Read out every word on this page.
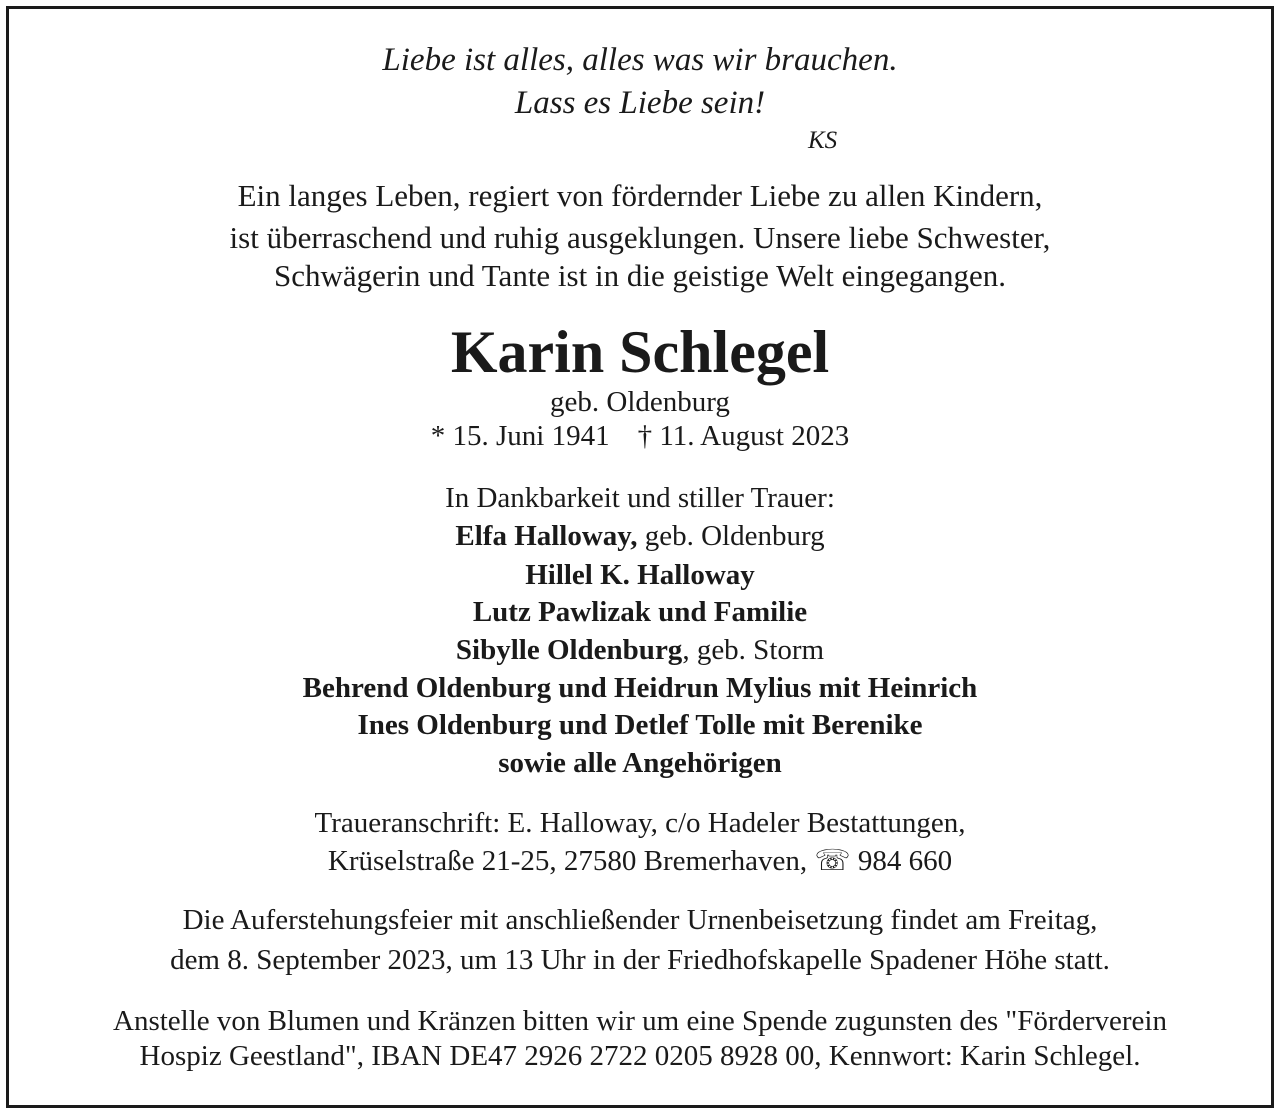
Liebe ist alles, alles was wir brauchen.
Lass es Liebe sein!
KS
Ein langes Leben, regiert von fördernder Liebe zu allen Kindern,
ist überraschend und ruhig ausgeklungen. Unsere liebe Schwester,
Schwägerin und Tante ist in die geistige Welt eingegangen.
Karin Schlegel
geb. Oldenburg
* 15. Juni 1941 † 11. August 2023
In Dankbarkeit und stiller Trauer:
Elfa Halloway, geb. Oldenburg
Hillel K. Halloway
Lutz Pawlizak und Familie
Sibylle Oldenburg, geb. Storm
Behrend Oldenburg und Heidrun Mylius mit Heinrich
Ines Oldenburg und Detlef Tolle mit Berenike
sowie alle Angehörigen
Traueranschrift: E. Halloway, c/o Hadeler Bestattungen,
Krüselstraße 21-25, 27580 Bremerhaven, ☏ 984 660
Die Auferstehungsfeier mit anschließender Urnenbeisetzung findet am Freitag,
dem 8. September 2023, um 13 Uhr in der Friedhofskapelle Spadener Höhe statt.
Anstelle von Blumen und Kränzen bitten wir um eine Spende zugunsten des "Förderverein
Hospiz Geestland", IBAN DE47 2926 2722 0205 8928 00, Kennwort: Karin Schlegel.
